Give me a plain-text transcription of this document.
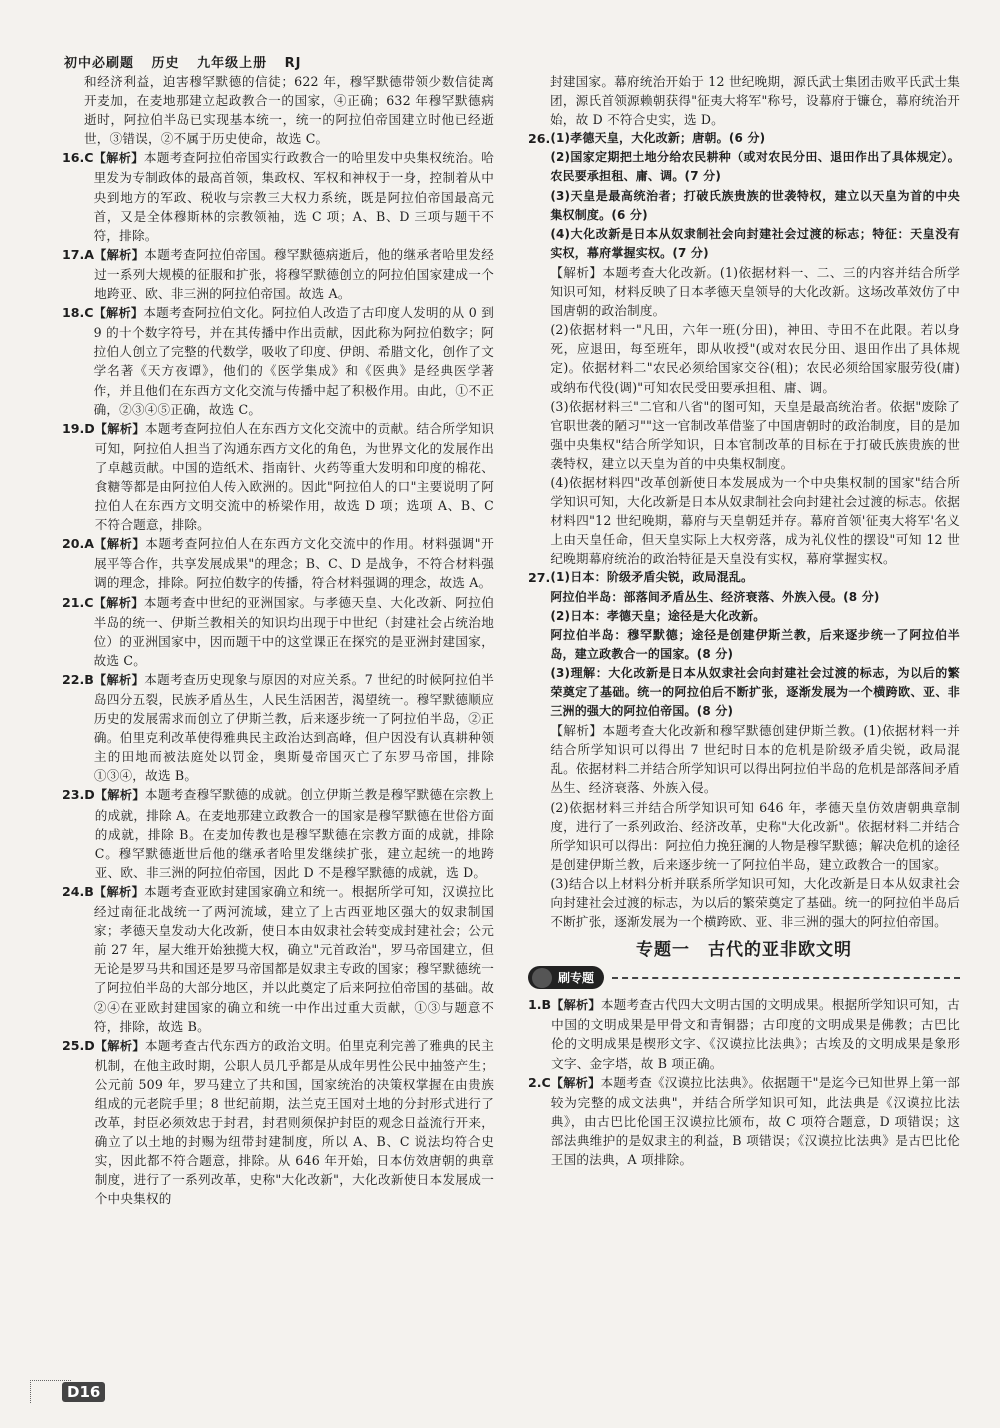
初中必刷题 历史 九年级上册 RJ

和经济利益，迫害穆罕默德的信徒；622 年，穆罕默德带领少数信徒离开麦加，在麦地那建立起政教合一的国家，④正确；632 年穆罕默德病逝时，阿拉伯半岛已实现基本统一，统一的阿拉伯帝国建立时他已经逝世，③错误，②不属于历史使命，故选 C。

16.C 【解析】本题考查阿拉伯帝国实行政教合一的哈里发中央集权统治。哈里发为专制政体的最高首领，集政权、军权和神权于一身，控制着从中央到地方的军政、税收与宗教三大权力系统，既是阿拉伯帝国最高元首，又是全体穆斯林的宗教领袖，选 C 项；A、B、D 三项与题干不符，排除。

17.A 【解析】本题考查阿拉伯帝国。穆罕默德病逝后，他的继承者哈里发经过一系列大规模的征服和扩张，将穆罕默德创立的阿拉伯国家建成一个地跨亚、欧、非三洲的阿拉伯帝国。故选 A。

18.C 【解析】本题考查阿拉伯文化。阿拉伯人改造了古印度人发明的从 0 到 9 的十个数字符号，并在其传播中作出贡献，因此称为阿拉伯数字；阿拉伯人创立了完整的代数学，吸收了印度、伊朗、希腊文化，创作了文学名著《天方夜谭》，他们的《医学集成》和《医典》是经典医学著作，并且他们在东西方文化交流与传播中起了积极作用。由此，①不正确，②③④⑤正确，故选 C。

19.D 【解析】本题考查阿拉伯人在东西方文化交流中的贡献。结合所学知识可知，阿拉伯人担当了沟通东西方文化的角色，为世界文化的发展作出了卓越贡献。中国的造纸术、指南针、火药等重大发明和印度的棉花、食糖等都是由阿拉伯人传入欧洲的。因此"阿拉伯人的口"主要说明了阿拉伯人在东西方文明交流中的桥梁作用，故选 D 项；选项 A、B、C 不符合题意，排除。

20.A 【解析】本题考查阿拉伯人在东西方文化交流中的作用。材料强调"开展平等合作，共享发展成果"的理念；B、C、D 是战争，不符合材料强调的理念，排除。阿拉伯数字的传播，符合材料强调的理念，故选 A。

21.C 【解析】本题考查中世纪的亚洲国家。与孝德天皇、大化改新、阿拉伯半岛的统一、伊斯兰教相关的知识均出现于中世纪（封建社会占统治地位）的亚洲国家中，因而题干中的这堂课正在探究的是亚洲封建国家，故选 C。

22.B 【解析】本题考查历史现象与原因的对应关系。7 世纪的时候阿拉伯半岛四分五裂，民族矛盾丛生，人民生活困苦，渴望统一。穆罕默德顺应历史的发展需求而创立了伊斯兰教，后来逐步统一了阿拉伯半岛，②正确。伯里克利改革使得雅典民主政治达到高峰，但户因没有认真耕种领主的田地而被法庭处以罚金，奥斯曼帝国灭亡了东罗马帝国，排除①③④，故选 B。

23.D 【解析】本题考查穆罕默德的成就。创立伊斯兰教是穆罕默德在宗教上的成就，排除 A。在麦地那建立政教合一的国家是穆罕默德在世俗方面的成就，排除 B。在麦加传教也是穆罕默德在宗教方面的成就，排除 C。穆罕默德逝世后他的继承者哈里发继续扩张，建立起统一的地跨亚、欧、非三洲的阿拉伯帝国，因此 D 不是穆罕默德的成就，选 D。

24.B 【解析】本题考查亚欧封建国家确立和统一。根据所学可知，汉谟拉比经过南征北战统一了两河流域，建立了上古西亚地区强大的奴隶制国家；孝德天皇发动大化改新，使日本由奴隶社会转变成封建社会；公元前 27 年，屋大维开始独揽大权，确立"元首政治"，罗马帝国建立，但无论是罗马共和国还是罗马帝国都是奴隶主专政的国家；穆罕默德统一了阿拉伯半岛的大部分地区，并以此奠定了后来阿拉伯帝国的基础。故②④在亚欧封建国家的确立和统一中作出过重大贡献，①③与题意不符，排除，故选 B。

25.D 【解析】本题考查古代东西方的政治文明。伯里克利完善了雅典的民主机制，在他主政时期，公职人员几乎都是从成年男性公民中抽签产生；公元前 509 年，罗马建立了共和国，国家统治的决策权掌握在由贵族组成的元老院手里；8 世纪前期，法兰克王国对土地的分封形式进行了改革，封臣必须效忠于封君，封君则须保护封臣的观念日益流行开来，确立了以土地的封赐为纽带封建制度，所以 A、B、C 说法均符合史实，因此都不符合题意，排除。从 646 年开始，日本仿效唐朝的典章制度，进行了一系列改革，史称"大化改新"，大化改新使日本发展成一个中央集权的

封建国家。幕府统治开始于 12 世纪晚期，源氏武士集团击败平氏武士集团，源氏首领源赖朝获得"征夷大将军"称号，设幕府于镰仓，幕府统治开始，故 D 不符合史实，选 D。

26. (1)孝德天皇，大化改新；唐朝。(6 分)

(2)国家定期把土地分给农民耕种（或对农民分田、退田作出了具体规定）。农民要承担租、庸、调。(7 分)

(3)天皇是最高统治者；打破氏族贵族的世袭特权，建立以天皇为首的中央集权制度。(6 分)

(4)大化改新是日本从奴隶制社会向封建社会过渡的标志；特征：天皇没有实权，幕府掌握实权。(7 分)

【解析】本题考查大化改新。(1)依据材料一、二、三的内容并结合所学知识可知，材料反映了日本孝德天皇领导的大化改新。这场改革效仿了中国唐朝的政治制度。

(2)依据材料一"凡田，六年一班(分田)，神田、寺田不在此限。若以身死，应退田，每至班年，即从收授"(或对农民分田、退田作出了具体规定)。依据材料二"农民必须给国家交谷(租)；农民必须给国家服劳役(庸)或纳布代役(调)"可知农民受田要承担租、庸、调。

(3)依据材料三"二官和八省"的图可知，天皇是最高统治者。依据"废除了官职世袭的陋习""这一官制改革借鉴了中国唐朝时的政治制度，目的是加强中央集权"结合所学知识，日本官制改革的目标在于打破氏族贵族的世袭特权，建立以天皇为首的中央集权制度。

(4)依据材料四"改革创新使日本发展成为一个中央集权制的国家"结合所学知识可知，大化改新是日本从奴隶制社会向封建社会过渡的标志。依据材料四"12 世纪晚期，幕府与天皇朝廷并存。幕府首领'征夷大将军'名义上由天皇任命，但天皇实际上大权旁落，成为礼仪性的摆设"可知 12 世纪晚期幕府统治的政治特征是天皇没有实权，幕府掌握实权。

27. (1)日本：阶级矛盾尖锐，政局混乱。

阿拉伯半岛：部落间矛盾丛生、经济衰落、外族入侵。(8 分)

(2)日本：孝德天皇；途径是大化改新。

阿拉伯半岛：穆罕默德；途径是创建伊斯兰教，后来逐步统一了阿拉伯半岛，建立政教合一的国家。(8 分)

(3)理解：大化改新是日本从奴隶社会向封建社会过渡的标志，为以后的繁荣奠定了基础。统一的阿拉伯后不断扩张，逐渐发展为一个横跨欧、亚、非三洲的强大的阿拉伯帝国。(8 分)

【解析】本题考查大化改新和穆罕默德创建伊斯兰教。(1)依据材料一并结合所学知识可以得出 7 世纪时日本的危机是阶级矛盾尖锐，政局混乱。依据材料二并结合所学知识可以得出阿拉伯半岛的危机是部落间矛盾丛生、经济衰落、外族入侵。

(2)依据材料三并结合所学知识可知 646 年，孝德天皇仿效唐朝典章制度，进行了一系列政治、经济改革，史称"大化改新"。依据材料二并结合所学知识可以得出：阿拉伯力挽狂澜的人物是穆罕默德；解决危机的途径是创建伊斯兰教，后来逐步统一了阿拉伯半岛，建立政教合一的国家。

(3)结合以上材料分析并联系所学知识可知，大化改新是日本从奴隶社会向封建社会过渡的标志，为以后的繁荣奠定了基础。统一的阿拉伯半岛后不断扩张，逐渐发展为一个横跨欧、亚、非三洲的强大的阿拉伯帝国。

专题一　古代的亚非欧文明
刷专题
1.B 【解析】本题考查古代四大文明古国的文明成果。根据所学知识可知，古中国的文明成果是甲骨文和青铜器；古印度的文明成果是佛教；古巴比伦的文明成果是楔形文字、《汉谟拉比法典》；古埃及的文明成果是象形文字、金字塔，故 B 项正确。

2.C 【解析】本题考查《汉谟拉比法典》。依据题干"是迄今已知世界上第一部较为完整的成文法典"，并结合所学知识可知，此法典是《汉谟拉比法典》，由古巴比伦国王汉谟拉比颁布，故 C 项符合题意，D 项错误；这部法典维护的是奴隶主的利益，B 项错误；《汉谟拉比法典》是古巴比伦王国的法典，A 项排除。

D16
